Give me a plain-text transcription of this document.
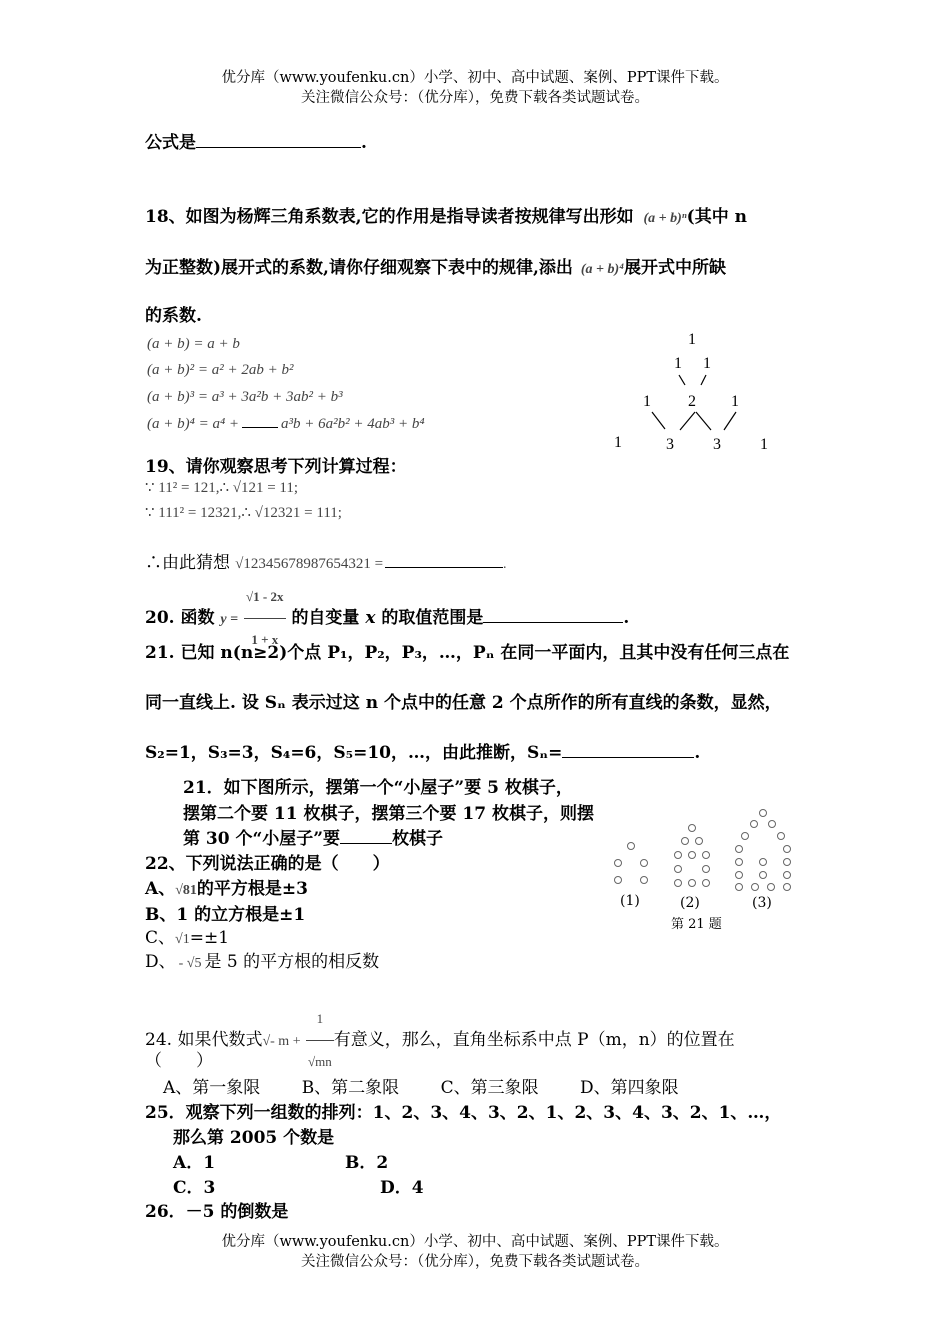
优分库（www.youfenku.cn）小学、初中、高中试题、案例、PPT课件下载。
关注微信公众号：（优分库），免费下载各类试题试卷。
公式是	.
18、如图为杨辉三角系数表,它的作用是指导读者按规律写出形如 (a + b)ⁿ(其中 n
为正整数)展开式的系数,请你仔细观察下表中的规律,添出 (a + b)⁴展开式中所缺
的系数.
(a + b) = a + b
(a + b)² = a² + 2ab + b²
(a + b)³ = a³ + 3a²b + 3ab² + b³
(a + b)⁴ = a⁴ +	a³b + 6a²b² + 4ab³ + b⁴
1
1 1
1 2 1
1	3 3 1
19、请你观察思考下列计算过程：
∵ 11² = 121,∴ √121 = 11;
∵ 111² = 12321,∴ √12321 = 111;
∴由此猜想 √12345678987654321 =	.
20. 函数 $y = \frac{√1 - 2x}{1 + x}$ 的自变量 x 的取值范围是	.
21. 已知 n(n≥2)个点 P₁，P₂，P₃，…，Pₙ 在同一平面内，且其中没有任何三点在
同一直线上. 设 Sₙ 表示过这 n 个点中的任意 2 个点所作的所有直线的条数，显然，
S₂=1，S₃=3，S₄=6，S₅=10，…，由此推断，Sₙ=	.
21．如下图所示，摆第一个“小屋子”要 5 枚棋子，
摆第二个要 11 枚棋子，摆第三个要 17 枚棋子，则摆
第 30 个“小屋子”要	枚棋子
(1)	(2)	(3)
第 21 题
22、下列说法正确的是（　　）
A、√81的平方根是±3
B、1 的立方根是±1
C、√1=±1
D、 - √5 是 5 的平方根的相反数
24. 如果代数式√- $m + \frac{1}{√mn}$ 有意义，那么，直角坐标系中点 P（m，n）的位置在
（　　）
A、第一象限 B、第二象限 C、第三象限 D、第四象限
25．观察下列一组数的排列：1、2、3、4、3、2、1、2、3、4、3、2、1、…，
那么第 2005 个数是
A．1	B．2
C．3	D．4
26．－5 的倒数是
优分库（www.youfenku.cn）小学、初中、高中试题、案例、PPT课件下载。
关注微信公众号：（优分库），免费下载各类试题试卷。
